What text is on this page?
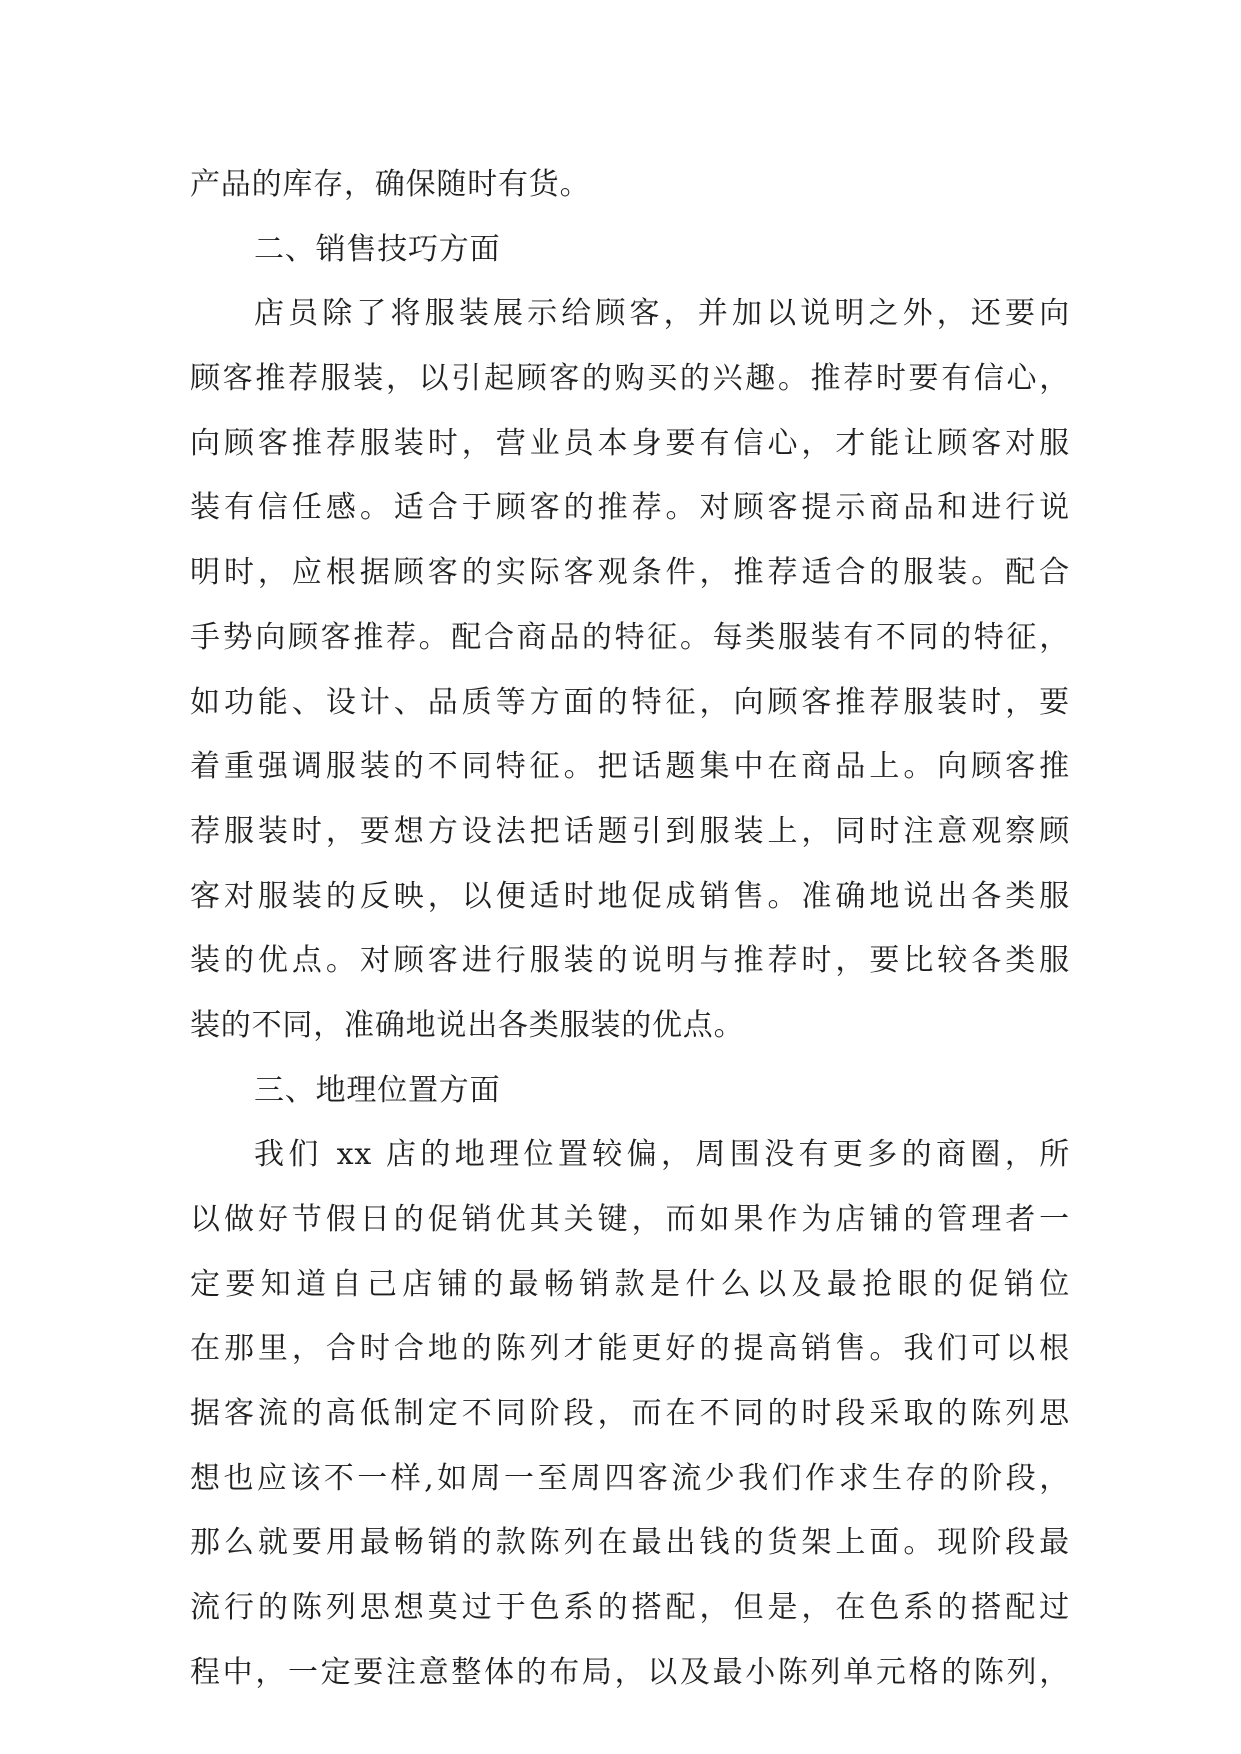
产品的库存，确保随时有货。
二、销售技巧方面
店员除了将服装展示给顾客，并加以说明之外，还要向
顾客推荐服装，以引起顾客的购买的兴趣。推荐时要有信心，
向顾客推荐服装时，营业员本身要有信心，才能让顾客对服
装有信任感。适合于顾客的推荐。对顾客提示商品和进行说
明时，应根据顾客的实际客观条件，推荐适合的服装。配合
手势向顾客推荐。配合商品的特征。每类服装有不同的特征，
如功能、设计、品质等方面的特征，向顾客推荐服装时，要
着重强调服装的不同特征。把话题集中在商品上。向顾客推
荐服装时，要想方设法把话题引到服装上，同时注意观察顾
客对服装的反映，以便适时地促成销售。准确地说出各类服
装的优点。对顾客进行服装的说明与推荐时，要比较各类服
装的不同，准确地说出各类服装的优点。
三、地理位置方面
我们 xx 店的地理位置较偏，周围没有更多的商圈，所
以做好节假日的促销优其关键，而如果作为店铺的管理者一
定要知道自己店铺的最畅销款是什么以及最抢眼的促销位
在那里，合时合地的陈列才能更好的提高销售。我们可以根
据客流的高低制定不同阶段，而在不同的时段采取的陈列思
想也应该不一样,如周一至周四客流少我们作求生存的阶段，
那么就要用最畅销的款陈列在最出钱的货架上面。现阶段最
流行的陈列思想莫过于色系的搭配，但是，在色系的搭配过
程中，一定要注意整体的布局，以及最小陈列单元格的陈列，
